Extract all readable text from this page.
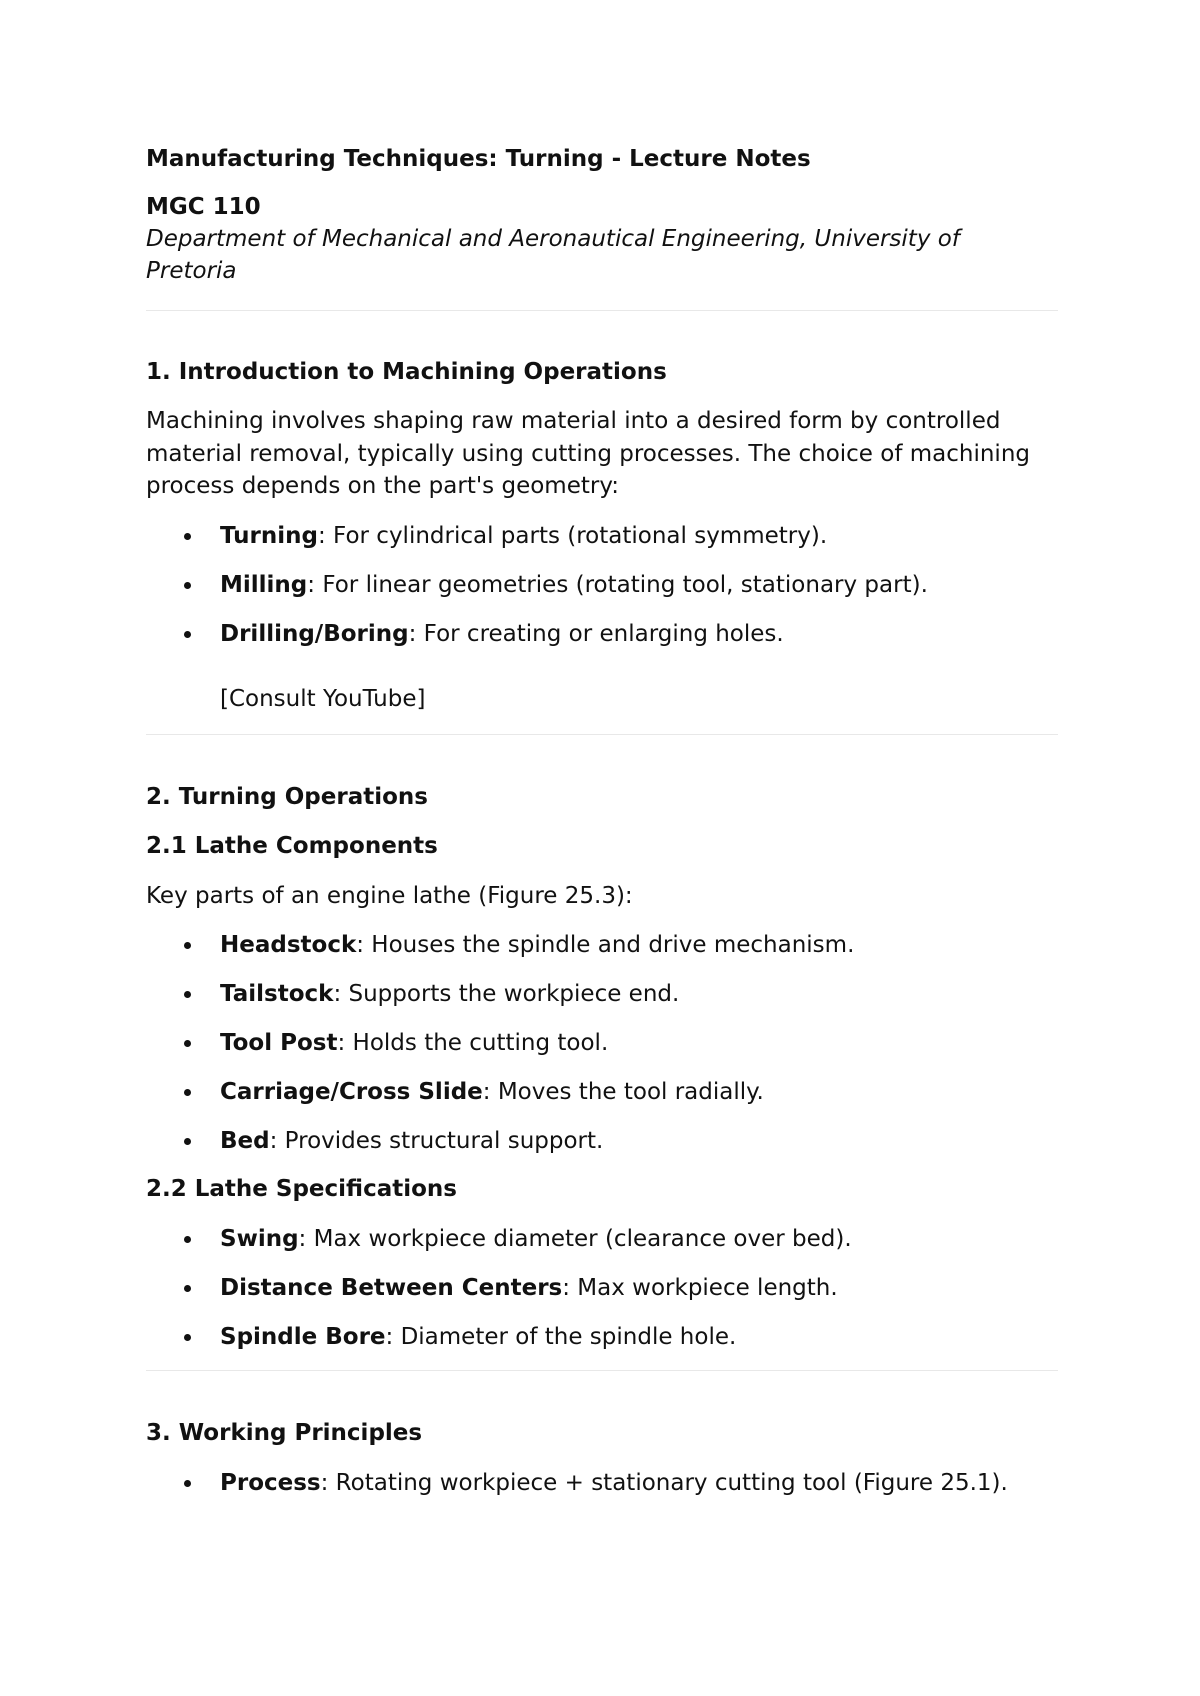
Manufacturing Techniques: Turning - Lecture Notes
MGC 110
Department of Mechanical and Aeronautical Engineering, University of Pretoria
1. Introduction to Machining Operations
Machining involves shaping raw material into a desired form by controlled material removal, typically using cutting processes. The choice of machining process depends on the part's geometry:
Turning: For cylindrical parts (rotational symmetry).
Milling: For linear geometries (rotating tool, stationary part).
Drilling/Boring: For creating or enlarging holes.
[Consult YouTube]
2. Turning Operations
2.1 Lathe Components
Key parts of an engine lathe (Figure 25.3):
Headstock: Houses the spindle and drive mechanism.
Tailstock: Supports the workpiece end.
Tool Post: Holds the cutting tool.
Carriage/Cross Slide: Moves the tool radially.
Bed: Provides structural support.
2.2 Lathe Specifications
Swing: Max workpiece diameter (clearance over bed).
Distance Between Centers: Max workpiece length.
Spindle Bore: Diameter of the spindle hole.
3. Working Principles
Process: Rotating workpiece + stationary cutting tool (Figure 25.1).
